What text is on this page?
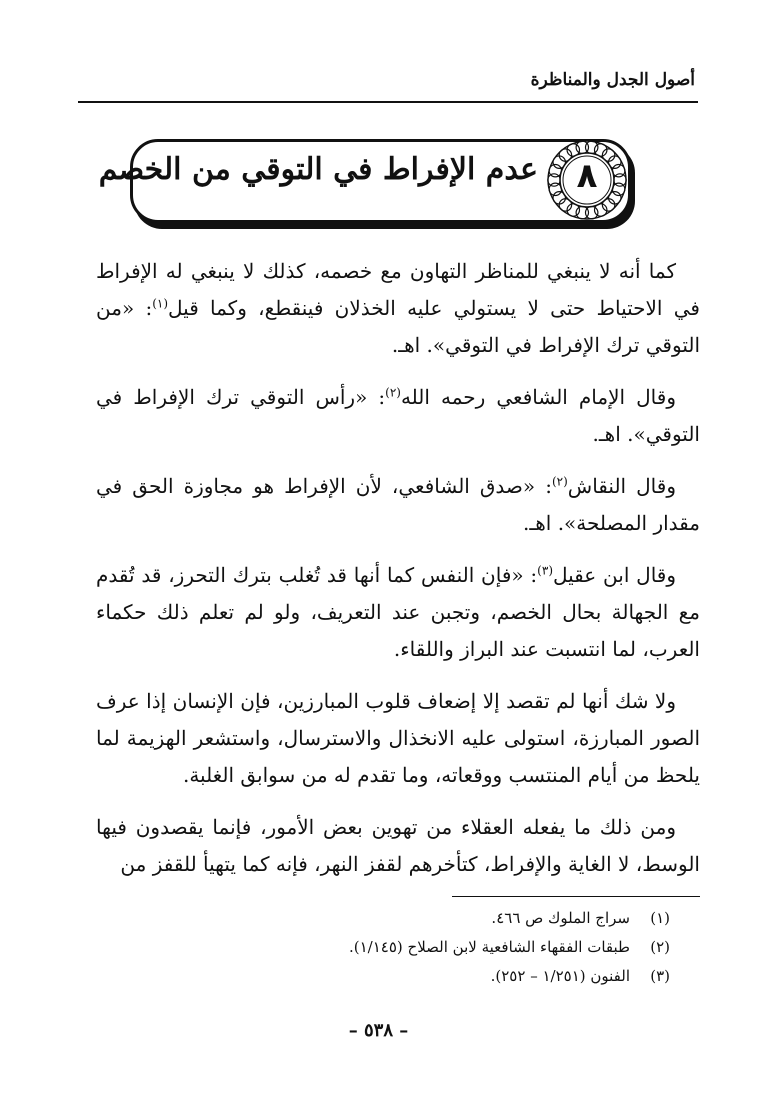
أصول الجدل والمناظرة
عدم الإفراط في التوقي من الخصم	٨

كما أنه لا ينبغي للمناظر التهاون مع خصمه، كذلك لا ينبغي له الإفراط في الاحتياط حتى لا يستولي عليه الخذلان فينقطع، وكما قيل$^{(١)}$: «من التوقي ترك الإفراط في التوقي». اهـ.

وقال الإمام الشافعي رحمه الله$^{(٢)}$: «رأس التوقي ترك الإفراط في التوقي». اهـ.

وقال النقاش$^{(٢)}$: «صدق الشافعي، لأن الإفراط هو مجاوزة الحق في مقدار المصلحة». اهـ.

وقال ابن عقيل$^{(٣)}$: «فإن النفس كما أنها قد تُغلب بترك التحرز، قد تُقدم مع الجهالة بحال الخصم، وتجبن عند التعريف، ولو لم تعلم ذلك حكماء العرب، لما انتسبت عند البراز واللقاء.

ولا شك أنها لم تقصد إلا إضعاف قلوب المبارزين، فإن الإنسان إذا عرف الصور المبارزة، استولى عليه الانخذال والاسترسال، واستشعر الهزيمة لما يلحظ من أيام المنتسب ووقعاته، وما تقدم له من سوابق الغلبة.

ومن ذلك ما يفعله العقلاء من تهوين بعض الأمور، فإنما يقصدون فيها الوسط، لا الغاية والإفراط، كتأخرهم لقفز النهر، فإنه كما يتهيأ للقفز من

(١)
سراج الملوك ص ٤٦٦.
(٢)
طبقات الفقهاء الشافعية لابن الصلاح (١/١٤٥).
(٣)
الفنون (١/٢٥١ – ٢٥٢).
– ٥٣٨ –
